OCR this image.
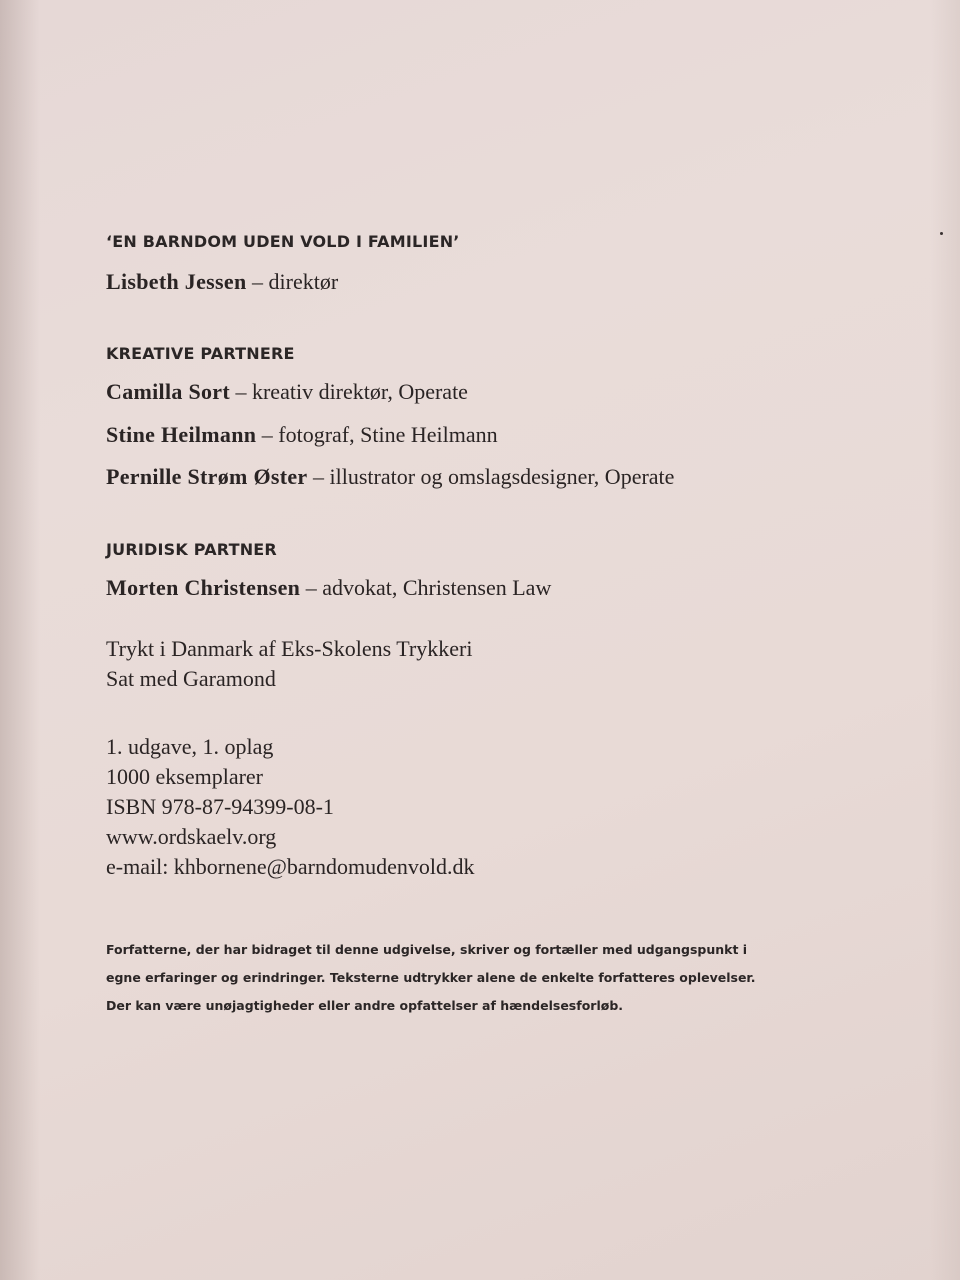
‘EN BARNDOM UDEN VOLD I FAMILIEN’

Lisbeth Jessen – direktør

KREATIVE PARTNERE

Camilla Sort – kreativ direktør, Operate

Stine Heilmann – fotograf, Stine Heilmann

Pernille Strøm Øster – illustrator og omslagsdesigner, Operate

JURIDISK PARTNER

Morten Christensen – advokat, Christensen Law

Trykt i Danmark af Eks-Skolens Trykkeri

Sat med Garamond

1. udgave, 1. oplag

1000 eksemplarer

ISBN 978-87-94399-08-1

www.ordskaelv.org

e-mail: khbornene@barndomudenvold.dk

Forfatterne, der har bidraget til denne udgivelse, skriver og fortæller med udgangspunkt i egne erfaringer og erindringer. Teksterne udtrykker alene de enkelte forfatteres oplevelser. Der kan være unøjagtigheder eller andre opfattelser af hændelsesforløb.
